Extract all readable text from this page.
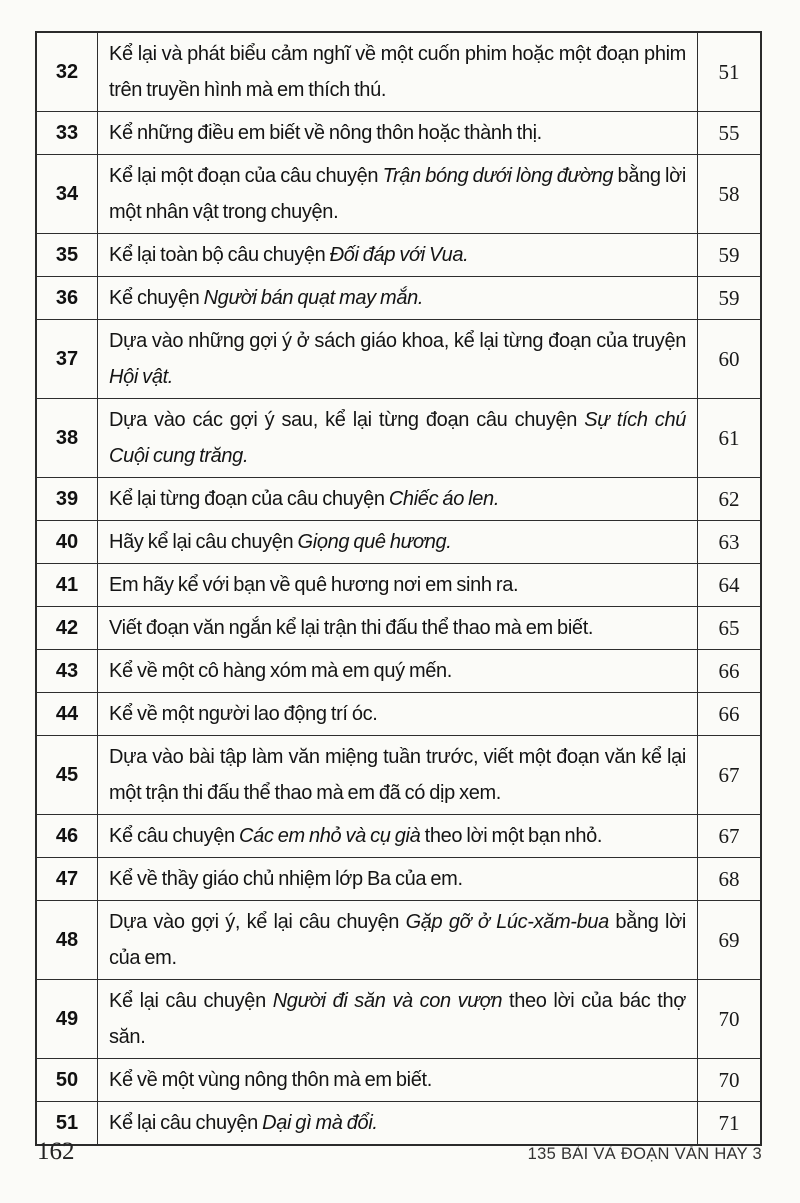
32	Kể lại và phát biểu cảm nghĩ về một cuốn phim hoặc một đoạn phim trên truyền hình mà em thích thú.	51
33	Kể những điều em biết về nông thôn hoặc thành thị.	55
34	Kể lại một đoạn của câu chuyện Trận bóng dưới lòng đường bằng lời một nhân vật trong chuyện.	58
35	Kể lại toàn bộ câu chuyện Đối đáp với Vua.	59
36	Kể chuyện Người bán quạt may mắn.	59
37	Dựa vào những gợi ý ở sách giáo khoa, kể lại từng đoạn của truyện Hội vật.	60
38	Dựa vào các gợi ý sau, kể lại từng đoạn câu chuyện Sự tích chú Cuội cung trăng.	61
39	Kể lại từng đoạn của câu chuyện Chiếc áo len.	62
40	Hãy kể lại câu chuyện Giọng quê hương.	63
41	Em hãy kể với bạn về quê hương nơi em sinh ra.	64
42	Viết đoạn văn ngắn kể lại trận thi đấu thể thao mà em biết.	65
43	Kể về một cô hàng xóm mà em quý mến.	66
44	Kể về một người lao động trí óc.	66
45	Dựa vào bài tập làm văn miệng tuần trước, viết một đoạn văn kể lại một trận thi đấu thể thao mà em đã có dịp xem.	67
46	Kể câu chuyện Các em nhỏ và cụ già theo lời một bạn nhỏ.	67
47	Kể về thầy giáo chủ nhiệm lớp Ba của em.	68
48	Dựa vào gợi ý, kể lại câu chuyện Gặp gỡ ở Lúc-xăm-bua bằng lời của em.	69
49	Kể lại câu chuyện Người đi săn và con vượn theo lời của bác thợ săn.	70
50	Kể về một vùng nông thôn mà em biết.	70
51	Kể lại câu chuyện Dại gì mà đổi.	71
162	135 BÀI VÀ ĐOẠN VĂN HAY 3
